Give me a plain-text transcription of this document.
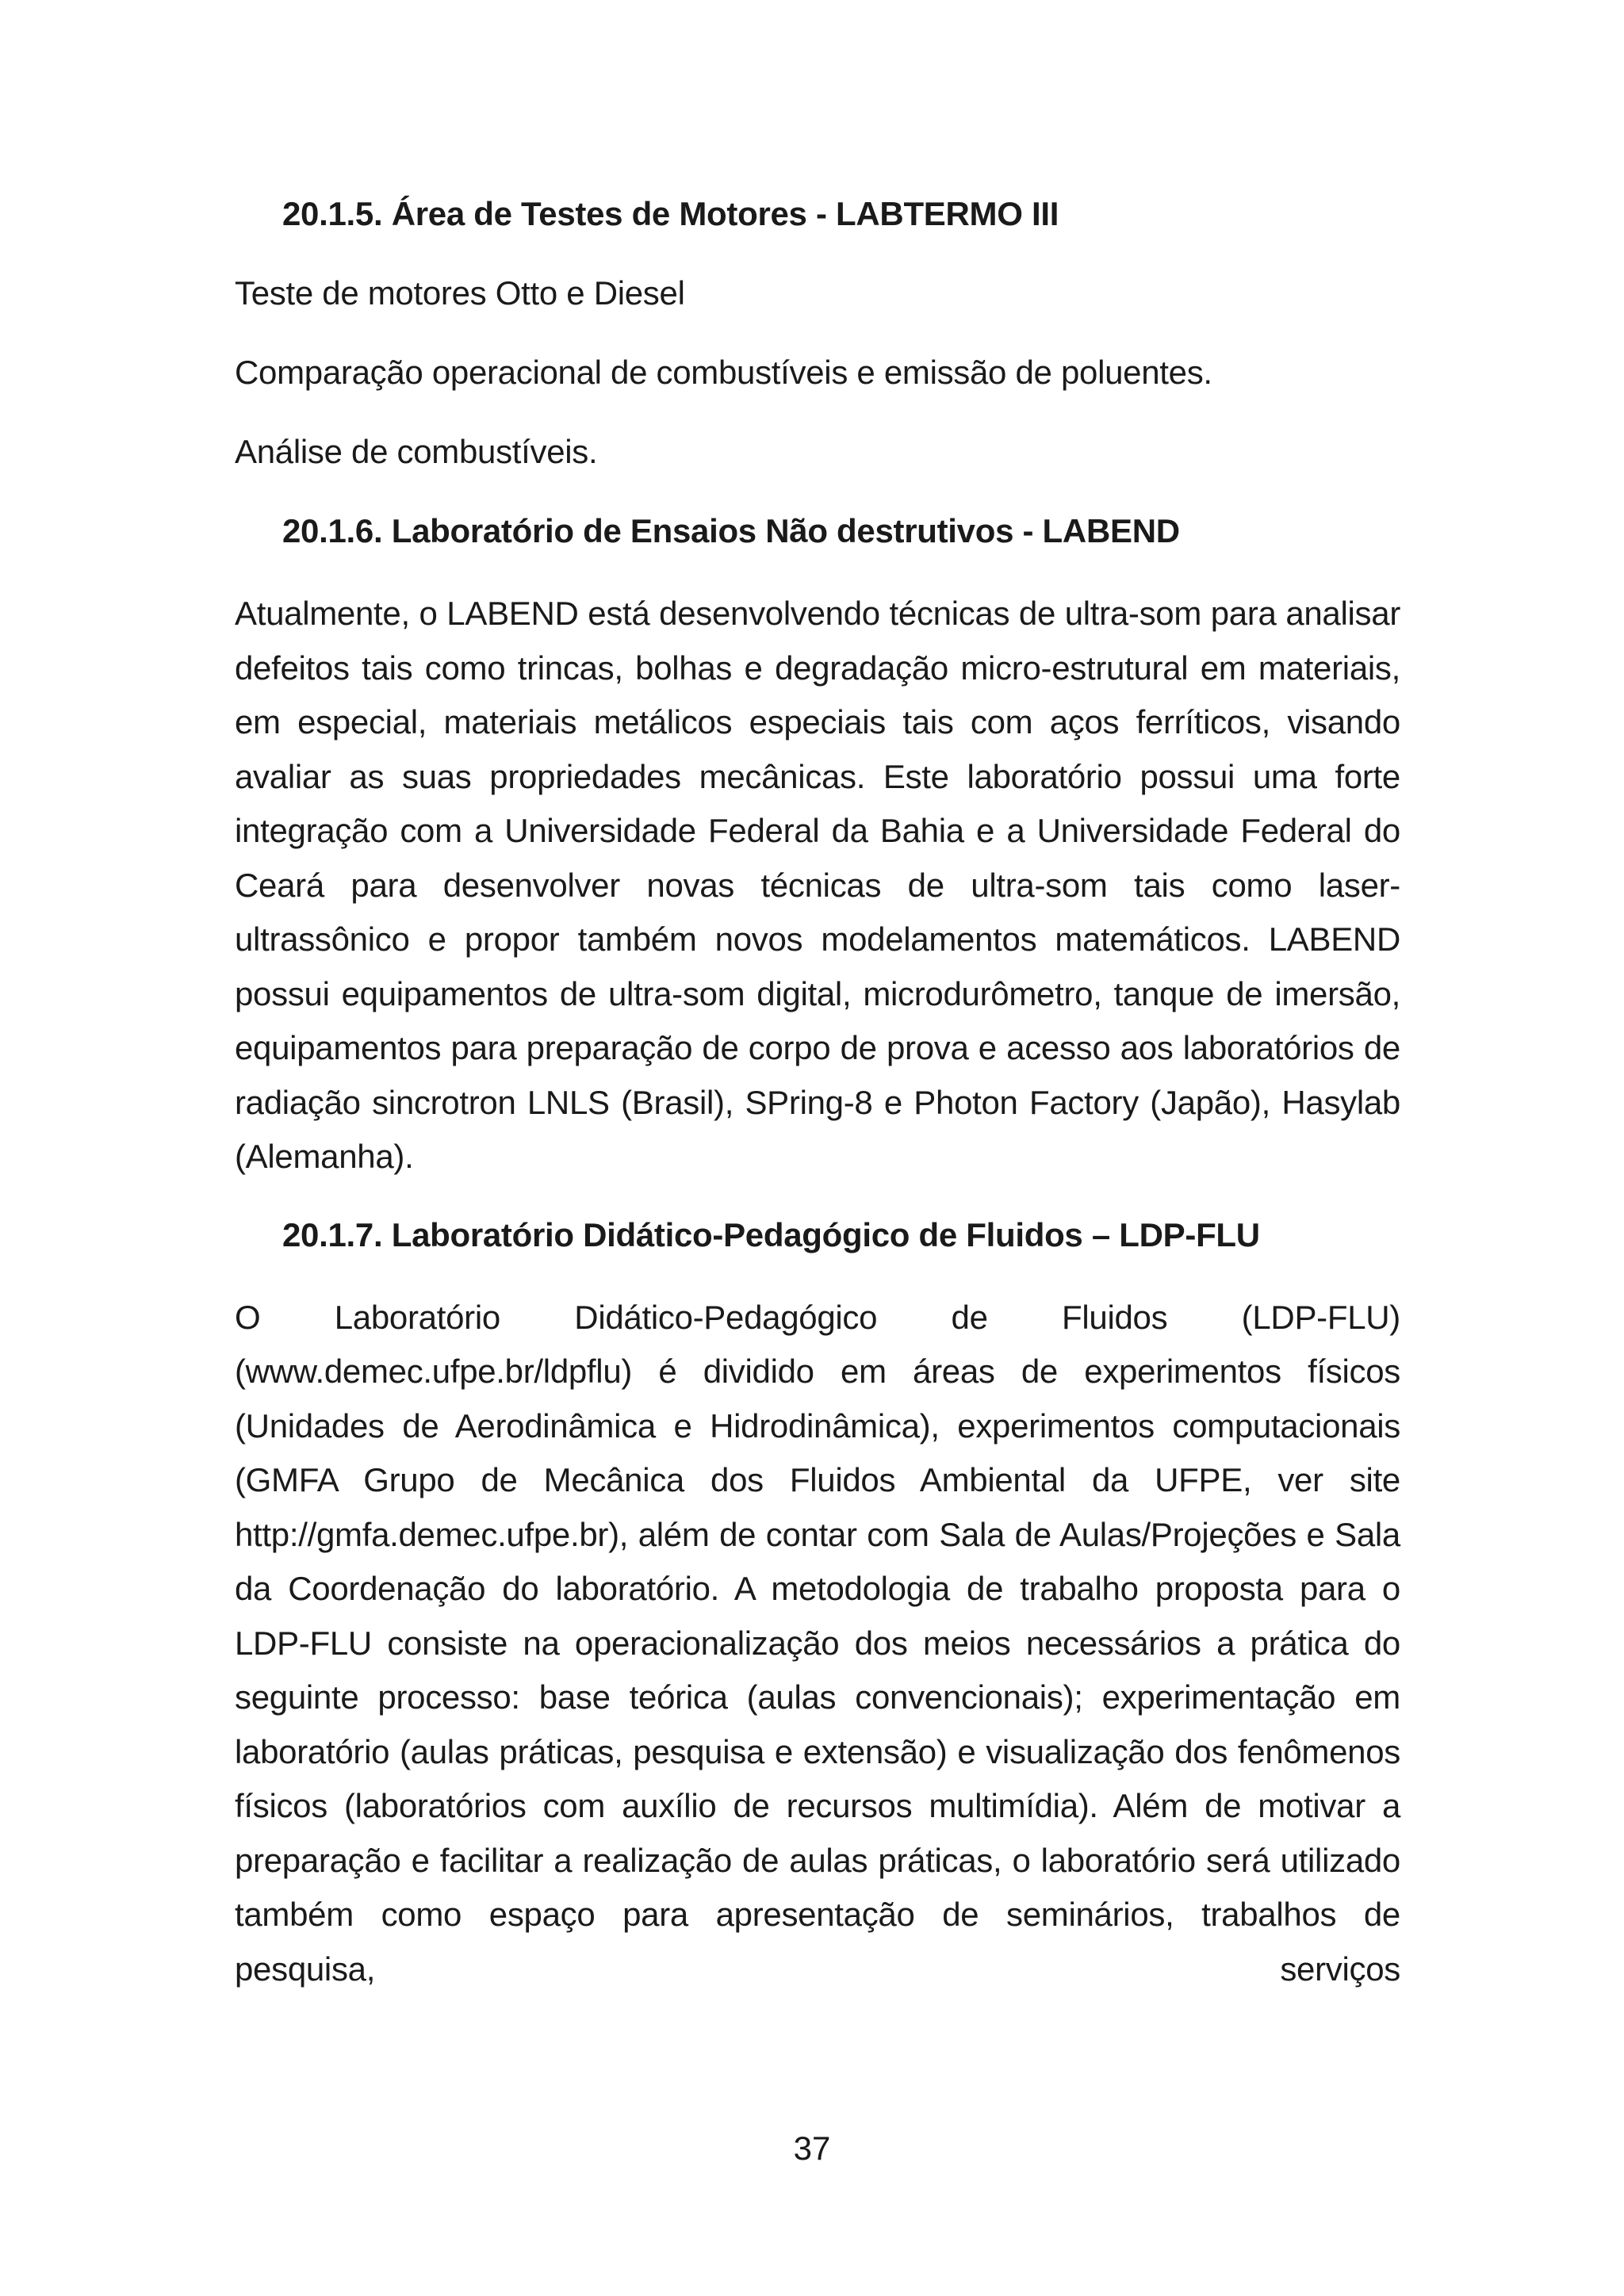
20.1.5. Área de Testes de Motores - LABTERMO III
Teste de motores Otto e Diesel
Comparação operacional de combustíveis e emissão de poluentes.
Análise de combustíveis.
20.1.6. Laboratório de Ensaios Não destrutivos - LABEND

Atualmente, o LABEND está desenvolvendo técnicas de ultra-som para analisar defeitos tais como trincas, bolhas e degradação micro-estrutural em materiais, em especial, materiais metálicos especiais tais com aços ferríticos, visando avaliar as suas propriedades mecânicas. Este laboratório possui uma forte integração com a Universidade Federal da Bahia e a Universidade Federal do Ceará para desenvolver novas técnicas de ultra-som tais como laser-ultrassônico e propor também novos modelamentos matemáticos. LABEND possui equipamentos de ultra-som digital, microdurômetro, tanque de imersão, equipamentos para preparação de corpo de prova e acesso aos laboratórios de radiação sincrotron LNLS (Brasil), SPring-8 e Photon Factory (Japão), Hasylab (Alemanha).

20.1.7. Laboratório Didático-Pedagógico de Fluidos – LDP-FLU

O Laboratório Didático-Pedagógico de Fluidos (LDP-FLU) (www.demec.ufpe.br/ldpflu) é dividido em áreas de experimentos físicos (Unidades de Aerodinâmica e Hidrodinâmica), experimentos computacionais (GMFA Grupo de Mecânica dos Fluidos Ambiental da UFPE, ver site http://gmfa.demec.ufpe.br), além de contar com Sala de Aulas/Projeções e Sala da Coordenação do laboratório. A metodologia de trabalho proposta para o LDP-FLU consiste na operacionalização dos meios necessários a prática do seguinte processo: base teórica (aulas convencionais); experimentação em laboratório (aulas práticas, pesquisa e extensão) e visualização dos fenômenos físicos (laboratórios com auxílio de recursos multimídia). Além de motivar a preparação e facilitar a realização de aulas práticas, o laboratório será utilizado também como espaço para apresentação de seminários, trabalhos de pesquisa, serviços

37
